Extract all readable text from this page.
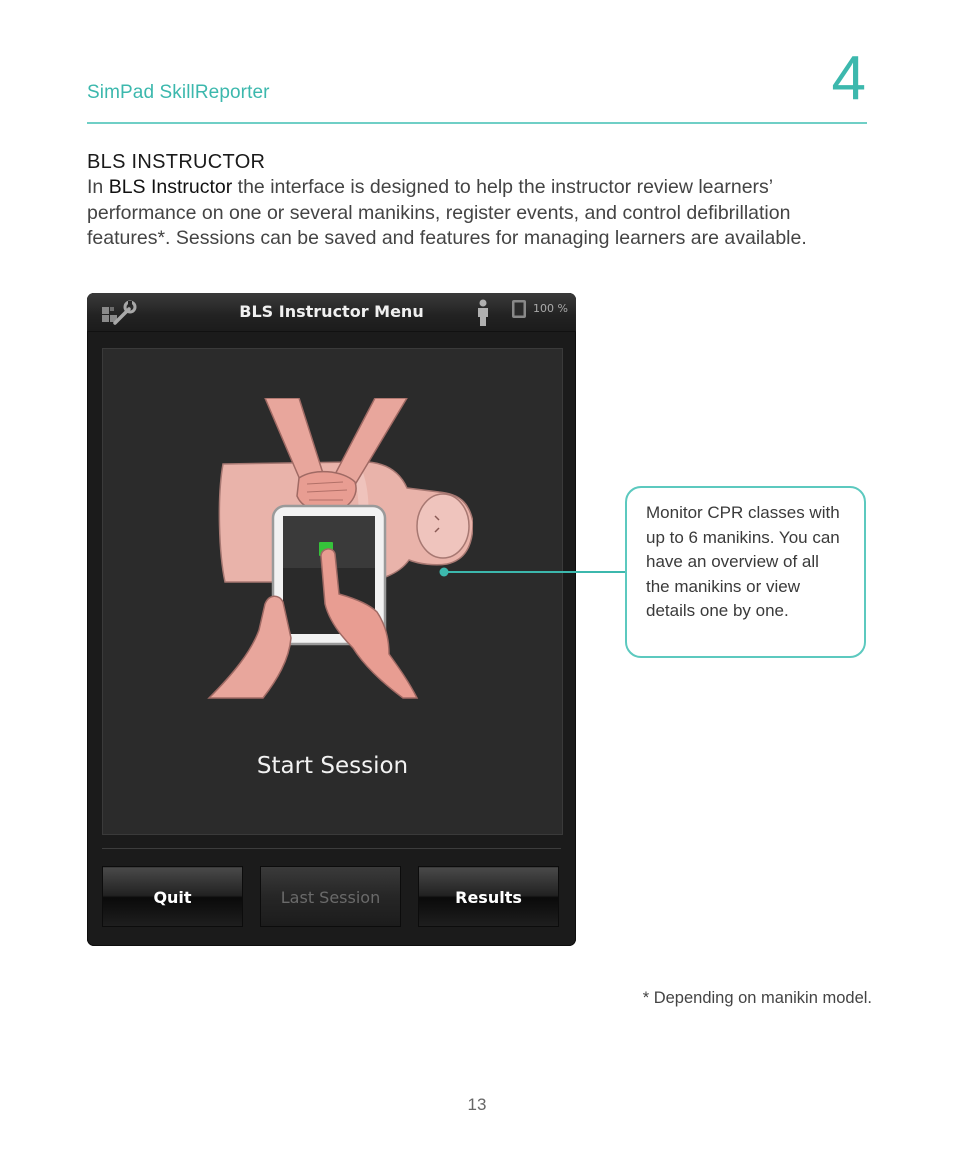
SimPad SkillReporter	4
BLS INSTRUCTOR
In BLS Instructor the interface is designed to help the instructor review learners’ performance on one or several manikins, register events, and control defibrillation features*. Sessions can be saved and features for managing learners are available.
BLS Instructor Menu	100 %
Start Session
Quit	Last Session	Results
Monitor CPR classes with up to 6 manikins. You can have an overview of all the manikins or view details one by one.
* Depending on manikin model.
13
